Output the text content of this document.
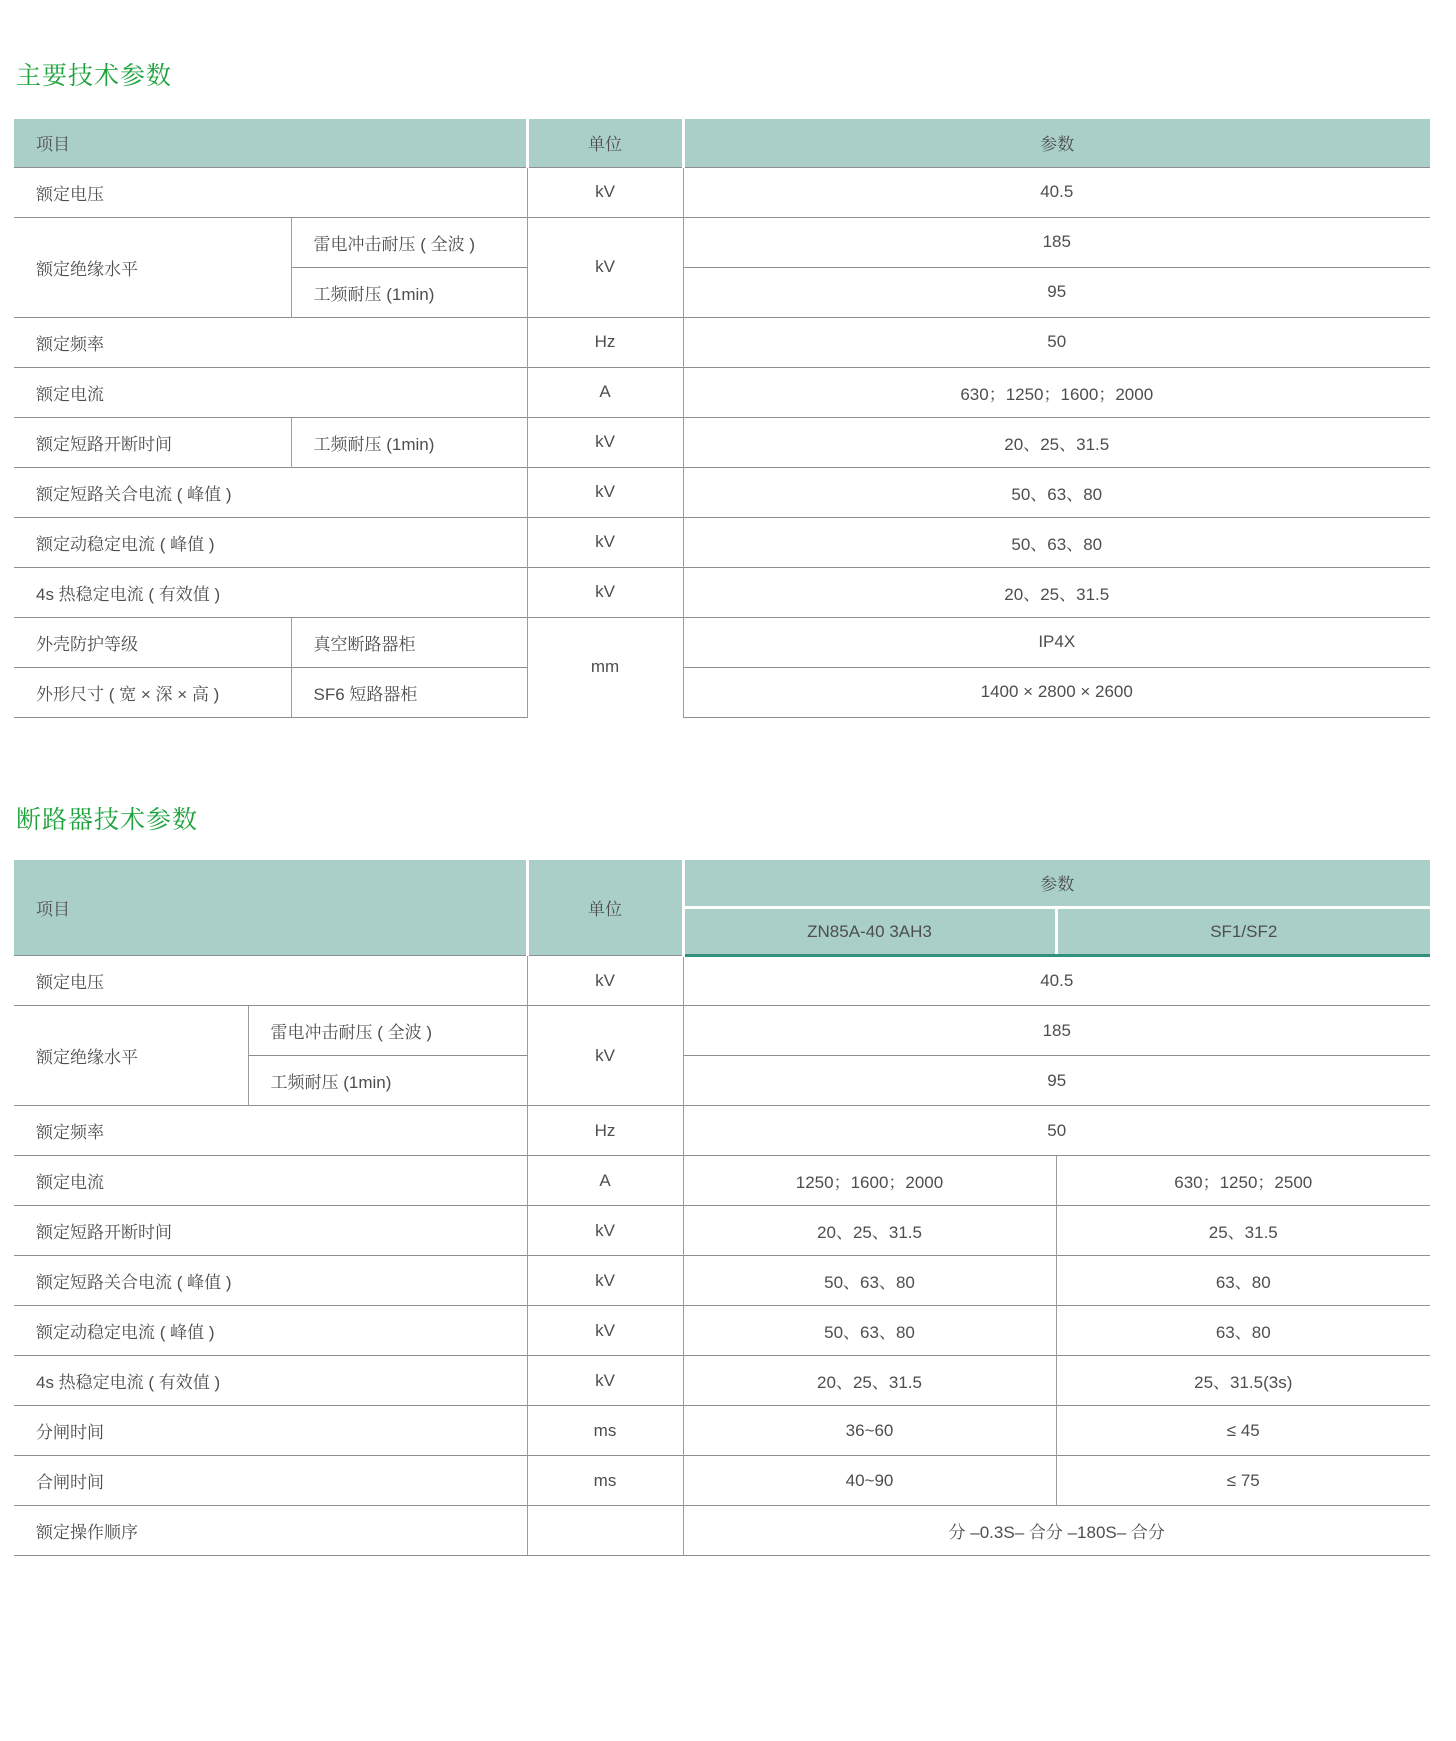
主要技术参数
项目		单位	参数
额定电压		kV	40.5
额定绝缘水平	雷电冲击耐压 ( 全波 )	kV	185
	工频耐压 (1min)		95
额定频率		Hz	50
额定电流		A	630；1250；1600；2000
额定短路开断时间	工频耐压 (1min)	kV	20、25、31.5
额定短路关合电流 ( 峰值 )		kV	50、63、80
额定动稳定电流 ( 峰值 )		kV	50、63、80
4s 热稳定电流 ( 有效值 )		kV	20、25、31.5
外壳防护等级	真空断路器柜	mm	IP4X
外形尺寸 ( 宽 × 深 × 高 )	SF6 短路器柜		1400 × 2800 × 2600
断路器技术参数
项目		单位	参数	
			ZN85A-40 3AH3	SF1/SF2
额定电压		kV	40.5	
额定绝缘水平	雷电冲击耐压 ( 全波 )	kV	185	
	工频耐压 (1min)		95	
额定频率		Hz	50	
额定电流		A	1250；1600；2000	630；1250；2500
额定短路开断时间		kV	20、25、31.5	25、31.5
额定短路关合电流 ( 峰值 )		kV	50、63、80	63、80
额定动稳定电流 ( 峰值 )		kV	50、63、80	63、80
4s 热稳定电流 ( 有效值 )		kV	20、25、31.5	25、31.5(3s)
分闸时间		ms	36~60	≤ 45
合闸时间		ms	40~90	≤ 75
额定操作顺序			分 –0.3S– 合分 –180S– 合分	
